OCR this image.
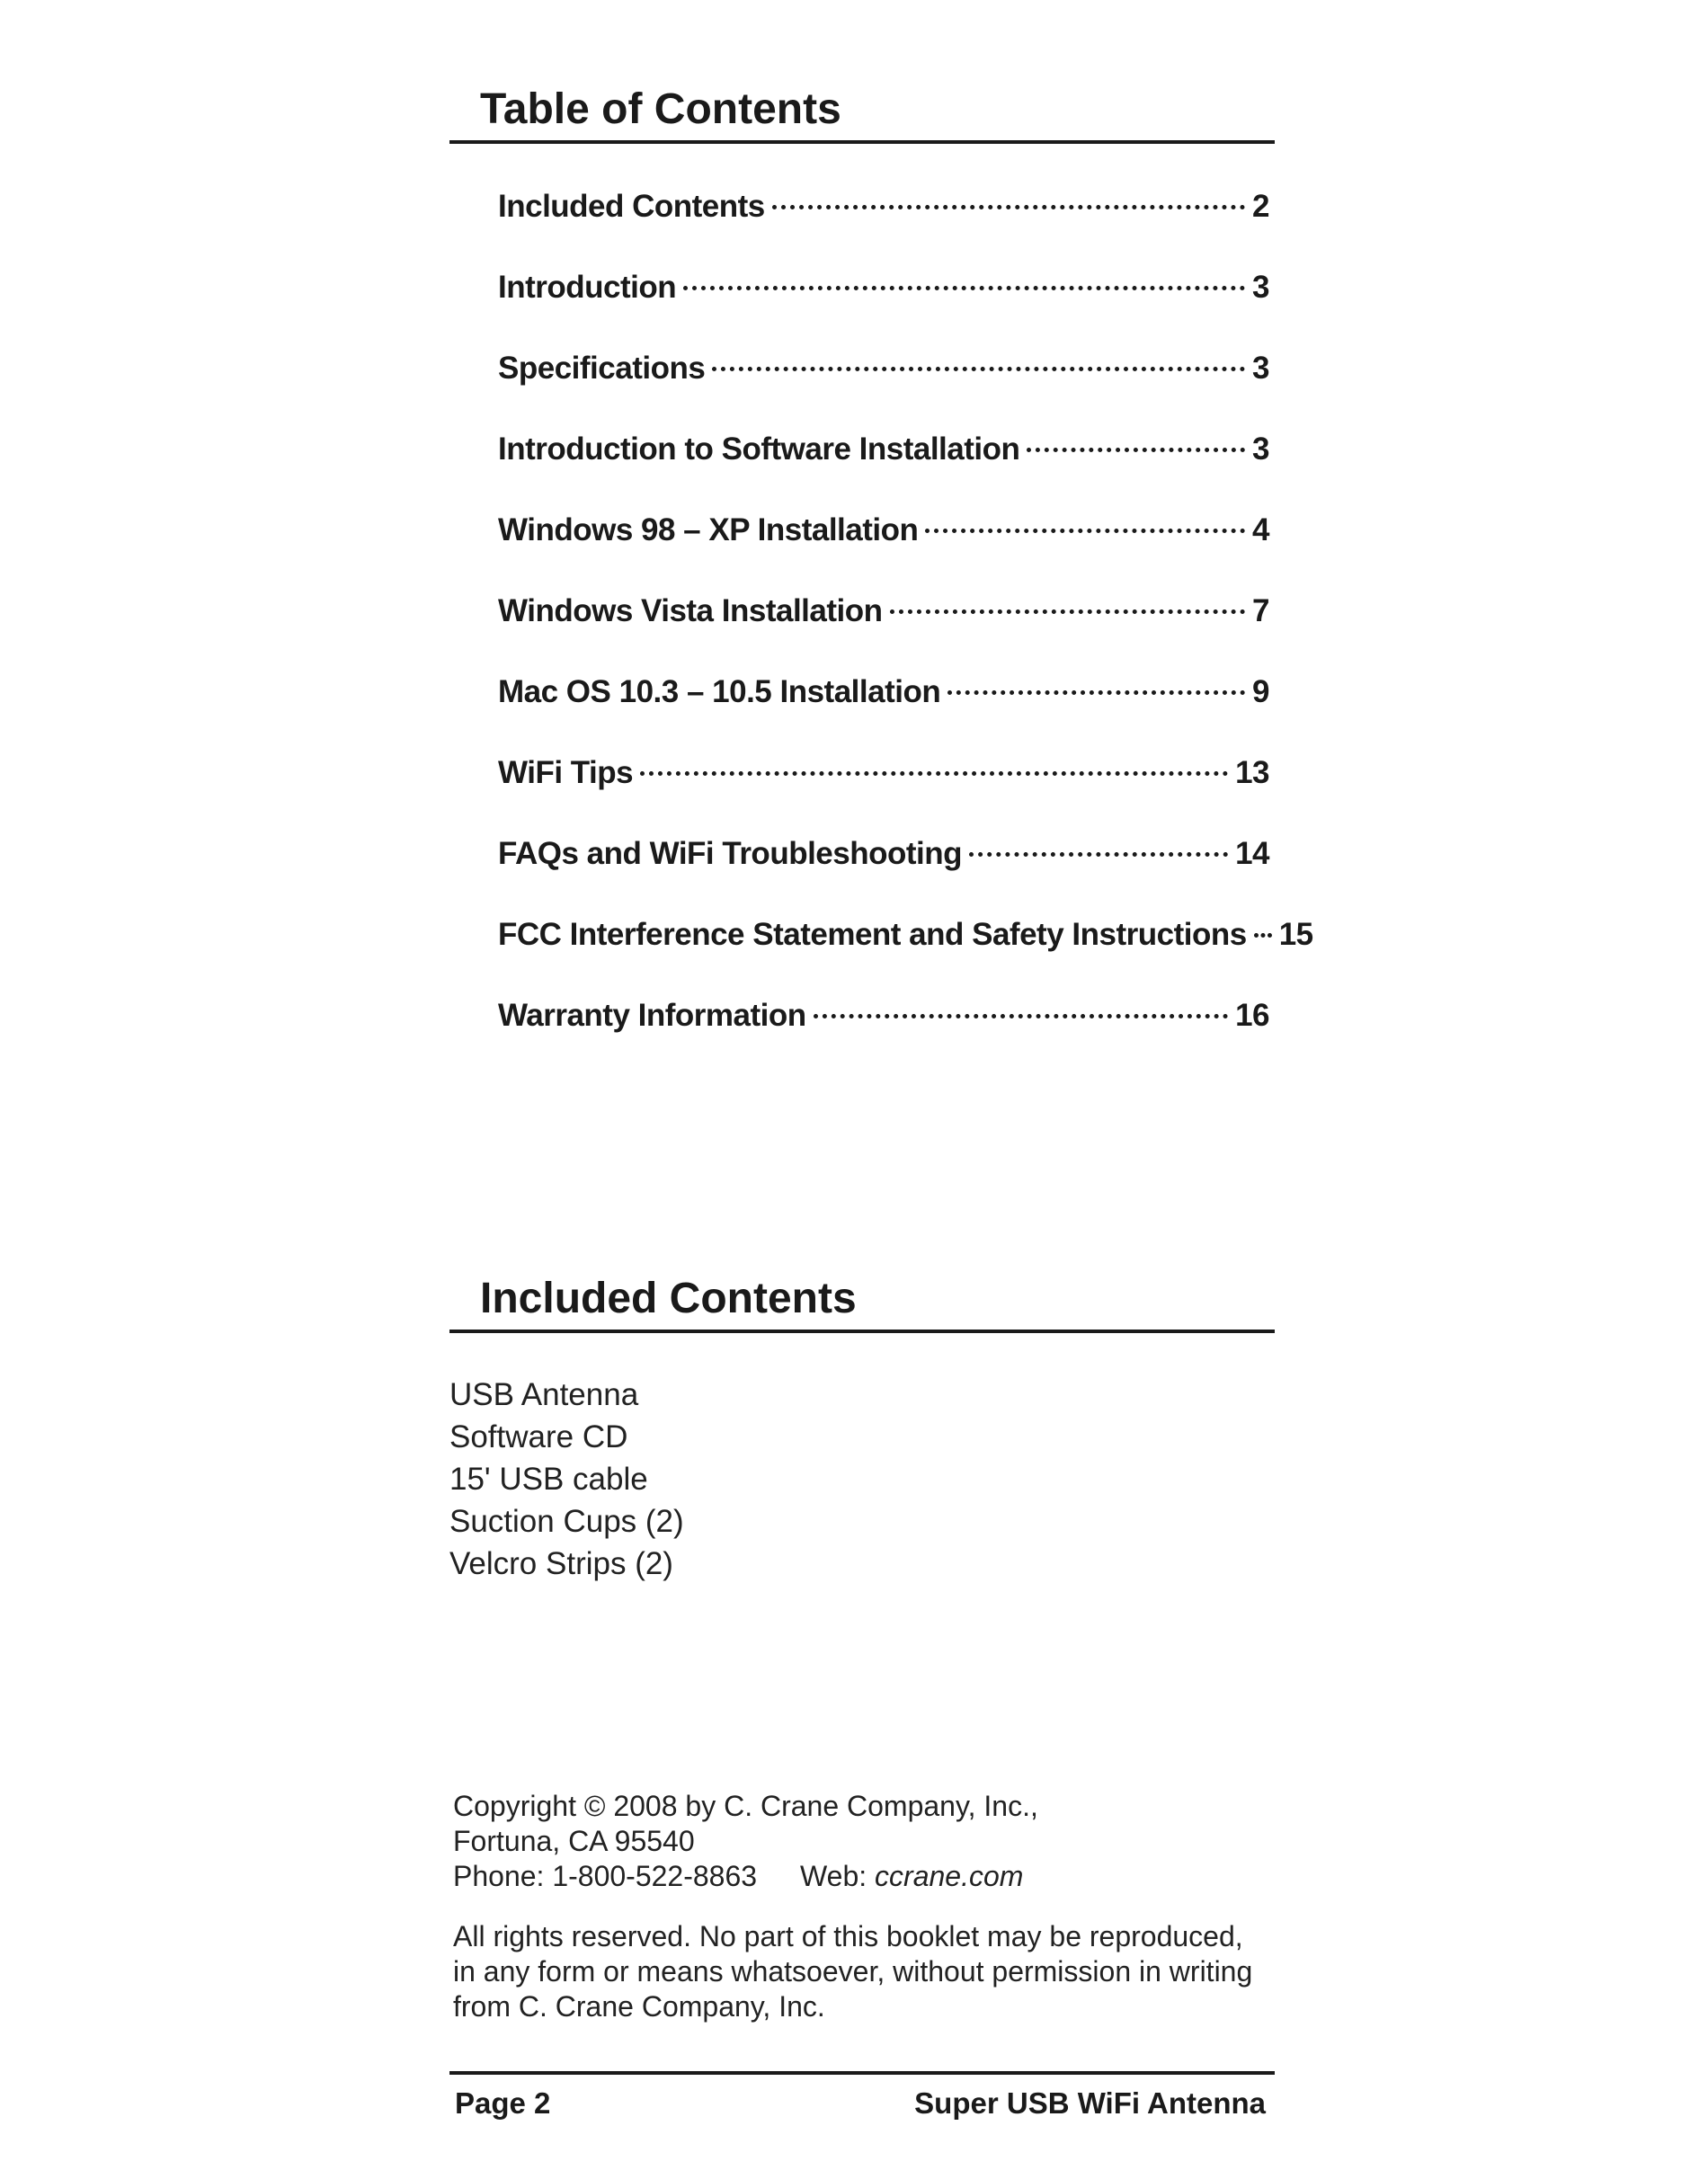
Table of Contents
Included Contents	2
Introduction	3
Specifications	3
Introduction to Software Installation	3
Windows 98 – XP Installation	4
Windows Vista Installation	7
Mac OS 10.3 – 10.5 Installation	9
WiFi Tips	13
FAQs and WiFi Troubleshooting	14
FCC Interference Statement and Safety Instructions 15
Warranty Information	16
Included Contents
USB Antenna
Software CD
15' USB cable
Suction Cups (2)
Velcro Strips (2)

Copyright © 2008 by C. Crane Company, Inc.,

Fortuna, CA 95540

Phone: 1-800-522-8863 Web: ccrane.com

All rights reserved. No part of this booklet may be reproduced,

in any form or means whatsoever, without permission in writing

from C. Crane Company, Inc.

Page 2	Super USB WiFi Antenna
